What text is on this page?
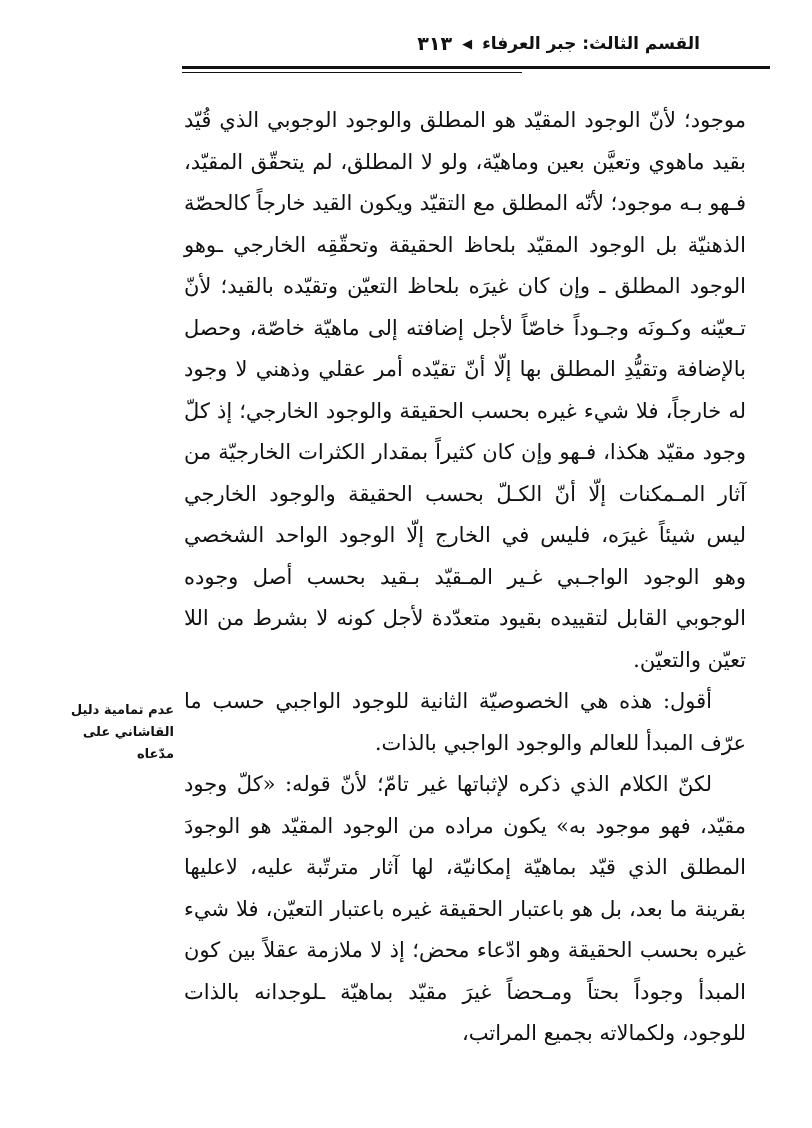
القسم الثالث: جبر العرفاء
◀
٣١٣

موجود؛ لأنّ الوجود المقيّد هو المطلق والوجود الوجوبي الذي قُيّد بقيد ماهوي وتعيَّن بعين وماهيّة، ولو لا المطلق، لم يتحقّق المقيّد، فـهو بـه موجود؛ لأنّه المطلق مع التقيّد ويكون القيد خارجاً كالحصّة الذهنيّة بل الوجود المقيّد بلحاظ الحقيقة وتحقّقِه الخارجي ـوهو الوجود المطلق ـ وإن كان غيرَه بلحاظ التعيّن وتقيّده بالقيد؛ لأنّ تـعيّنه وكـونَه وجـوداً خاصّاً لأجل إضافته إلى ماهيّة خاصّة، وحصل بالإضافة وتقيُّدِ المطلق بها إلّا أنّ تقيّده أمر عقلي وذهني لا وجود له خارجاً، فلا شيء غيره بحسب الحقيقة والوجود الخارجي؛ إذ كلّ وجود مقيّد هكذا، فـهو وإن كان كثيراً بمقدار الكثرات الخارجيّة من آثار المـمكنات إلّا أنّ الكـلّ بحسب الحقيقة والوجود الخارجي ليس شيئاً غيرَه، فليس في الخارج إلّا الوجود الواحد الشخصي وهو الوجود الواجـبي غـير المـقيّد بـقيد بحسب أصل وجوده الوجوبي القابل لتقييده بقيود متعدّدة لأجل كونه لا بشرط من اللا تعيّن والتعيّن.

أقول: هذه هي الخصوصيّة الثانية للوجود الواجبي حسب ما عرّف المبدأ للعالم والوجود الواجبي بالذات.

لكنّ الكلام الذي ذكره لإثباتها غير تامّ؛ لأنّ قوله: «كلّ وجود مقيّد، فهو موجود به» يكون مراده من الوجود المقيّد هو الوجودَ المطلق الذي قيّد بماهيّة إمكانيّة، لها آثار مترتّبة عليه، لاعليها بقرينة ما بعد، بل هو باعتبار الحقيقة غيره باعتبار التعيّن، فلا شيء غيره بحسب الحقيقة وهو ادّعاء محض؛ إذ لا ملازمة عقلاً بين كون المبدأ وجوداً بحتاً ومـحضاً غيرَ مقيّد بماهيّة ـلوجدانه بالذات للوجود، ولكمالاته بجميع المراتب،

عدم تمامية دليل القاشاني على مدّعاه
